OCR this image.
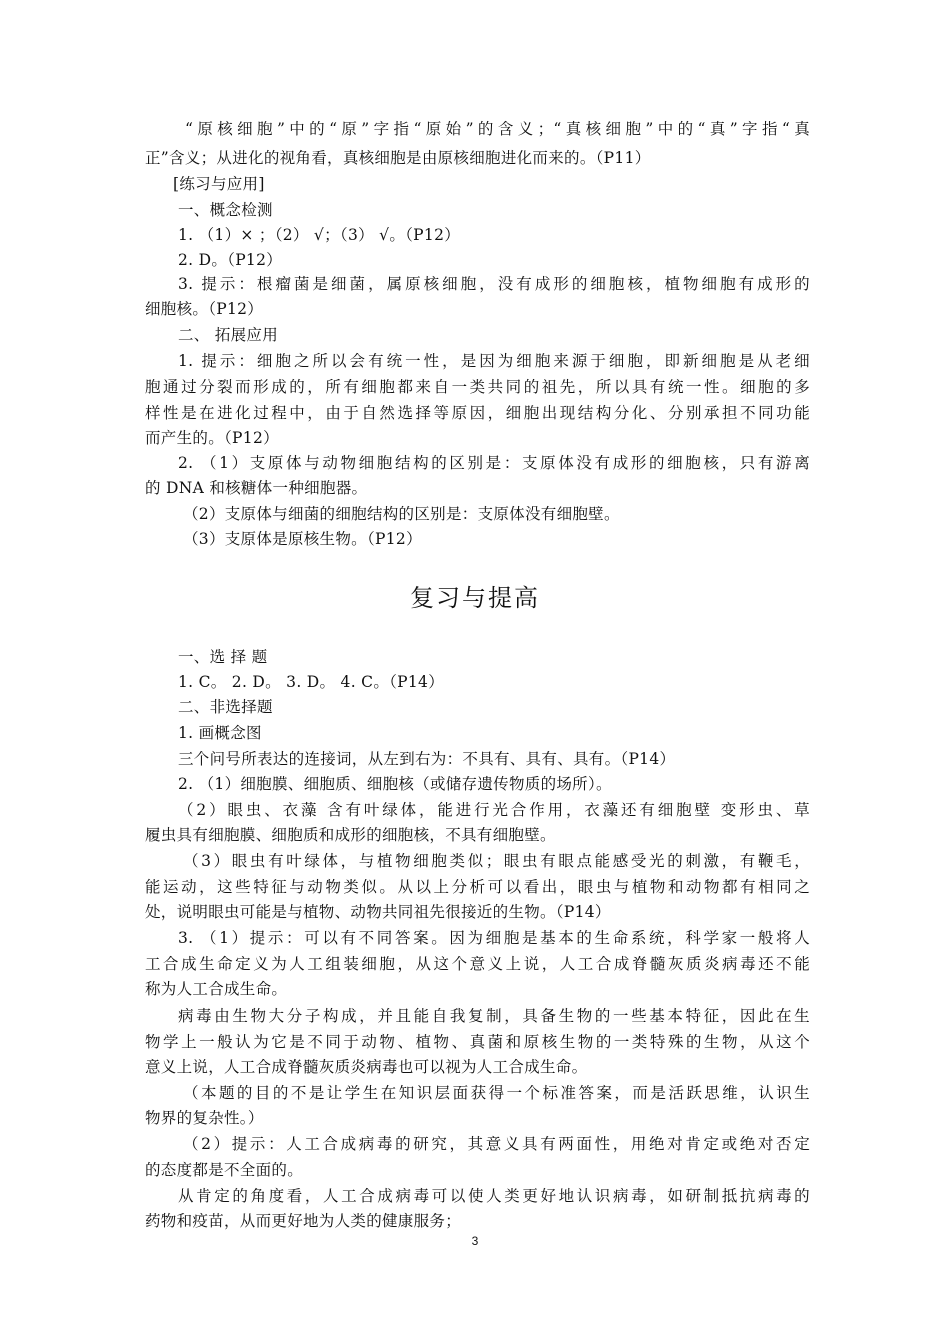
“原核细胞”中的“原”字指“原始”的含义；“真核细胞”中的“真”字指“真
正”含义；从进化的视角看，真核细胞是由原核细胞进化而来的。（P11）
[练习与应用]
一、概念检测
1. （1）× ；（2） √；（3） √。（P12）
2. D。（P12）
3. 提示：根瘤菌是细菌，属原核细胞，没有成形的细胞核，植物细胞有成形的
细胞核。（P12）
二、 拓展应用
1. 提示：细胞之所以会有统一性，是因为细胞来源于细胞，即新细胞是从老细
胞通过分裂而形成的，所有细胞都来自一类共同的祖先，所以具有统一性。细胞的多
样性是在进化过程中，由于自然选择等原因，细胞出现结构分化、分别承担不同功能
而产生的。（P12）
2. （1）支原体与动物细胞结构的区别是：支原体没有成形的细胞核，只有游离
的 DNA 和核糖体一种细胞器。
（2）支原体与细菌的细胞结构的区别是：支原体没有细胞壁。
（3）支原体是原核生物。（P12）
一、选 择 题
1. C。 2. D。 3. D。 4. C。（P14）
二、非选择题
1. 画概念图
三个问号所表达的连接词，从左到右为：不具有、具有、具有。（P14）
2. （1）细胞膜、细胞质、细胞核（或储存遗传物质的场所）。
（2）眼虫、衣藻 含有叶绿体，能进行光合作用，衣藻还有细胞壁 变形虫、草
履虫具有细胞膜、细胞质和成形的细胞核，不具有细胞壁。
（3）眼虫有叶绿体，与植物细胞类似；眼虫有眼点能感受光的刺激，有鞭毛，
能运动，这些特征与动物类似。从以上分析可以看出，眼虫与植物和动物都有相同之
处，说明眼虫可能是与植物、动物共同祖先很接近的生物。（P14）
3. （1）提示：可以有不同答案。因为细胞是基本的生命系统，科学家一般将人
工合成生命定义为人工组装细胞，从这个意义上说，人工合成脊髓灰质炎病毒还不能
称为人工合成生命。
病毒由生物大分子构成，并且能自我复制，具备生物的一些基本特征，因此在生
物学上一般认为它是不同于动物、植物、真菌和原核生物的一类特殊的生物，从这个
意义上说，人工合成脊髓灰质炎病毒也可以视为人工合成生命。
（本题的目的不是让学生在知识层面获得一个标准答案，而是活跃思维，认识生
物界的复杂性。）
（2）提示：人工合成病毒的研究，其意义具有两面性，用绝对肯定或绝对否定
的态度都是不全面的。
从肯定的角度看，人工合成病毒可以使人类更好地认识病毒，如研制抵抗病毒的
药物和疫苗，从而更好地为人类的健康服务；
复习与提高
3
